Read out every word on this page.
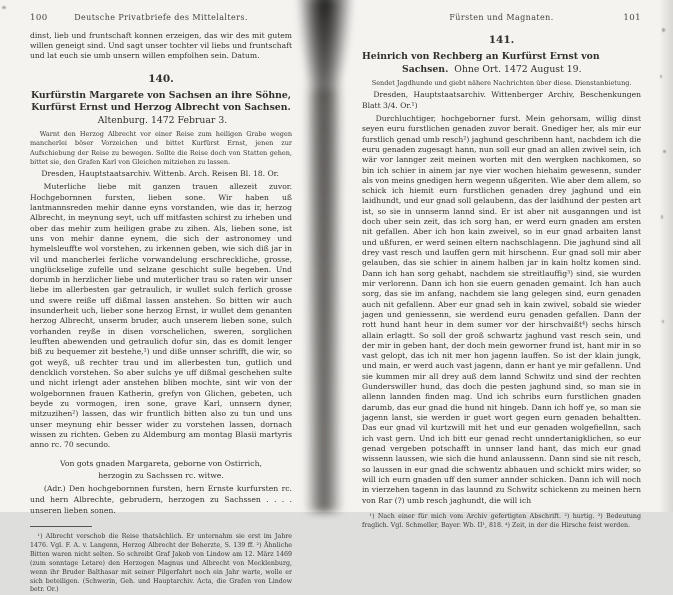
100	Deutsche Privatbriefe des Mittelalters.

dinst, lieb und fruntschaft konnen erzeigen, das wir des mit gutem willen geneigt sind. Und sagt unser tochter vil liebs und fruntschaft und lat euch sie umb unsern willen empfolhen sein. Datum.

140.
Kurfürstin Margarete von Sachsen an ihre Söhne, Kurfürst Ernst und Herzog Albrecht von Sachsen. Altenburg. 1472 Februar 3.

Warnt den Herzog Albrecht vor einer Reise zum heiligen Grabe wegen mancherlei böser Vorzeichen und bittet Kurfürst Ernst, jenen zur Aufschiebung der Reise zu bewegen. Sollte die Reise doch von Statten gehen, bittet sie, den Grafen Karl von Gleichen mitziehen zu lassen.

Dresden, Hauptstaatsarchiv. Wittenb. Arch. Reisen Bl. 18. Or.

Muterliche liebe mit ganzen trauen allezeit zuvor. Hochgebornnen fursten, lieben sone. Wir haben uß lantmannsreden mehir danne eyns vorstanden, wie das ir, herzog Albrecht, in meynung seyt, uch uff mitfasten schirst zu irheben und ober das mehir zum heiligen grabe zu zihen. Als, lieben sone, ist uns von mehir danne eynem, die sich der astronomey und hymelsleuffte wol vorstehen, zu irkennen geben, wie sich diß jar in vil und mancherlei ferliche vorwandelung erschreckliche, grosse, unglückselige zufelle und selzane geschicht sulle begeben. Und dorumb in herzlicher liebe und muterlicher trau so raten wir unser liebe im allerbesten gar getraulich, ir wullet sulch ferlich grosse und swere reiße uff dißmal lassen anstehen. So bitten wir auch insunderheit uch, lieber sone herzog Ernst, ir wullet dem genanten herzog Albrecht, unserm bruder, auch unserem lieben sone, sulch vorhanden reyße in disen vorschelichen, sweren, sorglichen leufften abewenden und getraulich dofur sin, das es domit lenger biß zu bequemer zit bestehe,¹) und diße unnser schrifft, die wir, so got weyß, uß rechter trau und im allerbesten tun, gutlich und dencklich vorstehen. So aber sulchs ye uff dißmal geschehen sulte und nicht irlengt ader anstehen bliben mochte, sint wir von der wolgebornnen frauen Katherin, grefyn von Glichen, gebeten, uch beyde zu vormogen, iren sone, grave Karl, unnsern dyner, mitzuzihen²) lassen, das wir fruntlich bitten also zu tun und uns unser meynung ehir besser wider zu vorstehen lassen, dornach wissen zu richten. Geben zu Aldemburg am montag Blasii martyris anno rc. 70 secundo.

Von gots gnaden Margareta, geborne von Ostirrich,
herzogin zu Sachssen rc. witwe.

(Adr.) Den hochgebornnen fursten, hern Ernste kurfursten rc. und hern Albrechte, gebrudern, herzogen zu Sachssen . . . . unseren lieben sonen.

¹) Albrecht verschob die Reise thatsächlich. Er unternahm sie erst im Jahre 1476. Vgl. F. A. v. Langenn, Herzog Albrecht der Beherzte, S. 139 ff. ²) Ähnliche Bitten waren nicht selten. So schreibt Graf Jakob von Lindow am 12. März 1469 (zum sonntage Letare) den Herzogen Magnus und Albrecht von Mecklenburg, wenn ihr Bruder Balthasar mit seiner Pilgerfahrt noch ein Jahr warte, wolle er sich beteiligen. (Schwerin, Geh. und Hauptarchiv. Acta, die Grafen von Lindow betr. Or.)

Fürsten und Magnaten.	101
141.
Heinrich von Rechberg an Kurfürst Ernst von Sachsen. Ohne Ort. 1472 August 19.

Sendet Jagdhunde und giebt nähere Nachrichten über diese. Dienstanbietung.

Dresden, Hauptstaatsarchiv. Wittenberger Archiv, Beschenkungen Blatt 3/4. Or.¹)

Durchluchtiger, hochgeborner furst. Mein gehorsam, willig dinst seyen euru furstlichen genaden zuvor berait. Gnediger her, als mir eur furstlich genad umb resch²) jaghund geschribenn hant, nachdem ich die euru genaden zugesagt hann, nun soll eur gnad an allen zwivel sein, ich wär vor lannger zeit meinen worten mit den wergken nachkomen, so bin ich schier in ainem jar nye vier wochen hiehaim gewesenn, sunder als von meins gnedigen hern wegenn ußgeriten. Wie aber dem allem, so schick ich hiemit eurn furstlichen genaden drey jaghund und ein laidhundt, und eur gnad soll gelaubenn, das der laidhund der pesten art ist, so sie in unnserm lannd sind. Er ist aber nit ausganngen und ist doch uber sein zeit, das ich sorg han, er werd eurn gnaden am ersten nit gefallen. Aber ich hon kain zweivel, so in eur gnad arbaiten lanst und ußfuren, er werd seinen eltern nachschlagenn. Die jaghund sind all drey vast resch und lauffen gern mit hirschenn. Eur gnad soll mir aber gelauben, das sie schier in ainem halben jar in kain holtz komen sind. Dann ich han sorg gehabt, nachdem sie streitlauffig³) sind, sie wurden mir verlorenn. Dann ich hon sie euern genaden gemaint. Ich han auch sorg, das sie im anfang, nachdem sie lang gelegen sind, eurn genaden auch nit gefallenn. Aber eur gnad seh in kain zwivel, sobald sie wieder jagen und geniessenn, sie werdend euru genaden gefallen. Dann der rott hund hant heur in dem sumer vor der hirschvaißt⁴) sechs hirsch allain erlagtt. So soll der groß schwartz jaghund vast resch sein, und der mir in geben hant, der doch mein geworner frund ist, hant mir in so vast gelopt, das ich nit mer hon jagenn lauffen. So ist der klain jungk, und main, er werd auch vast jagenn, dann er hant ye mir gefallenn. Und sie kummen mir all drey auß dem lannd Schwitz und sind der rechten Gunderswiller hund, das doch die pesten jaghund sind, so man sie in allenn lannden finden mag. Und ich schribs eurn furstlichen gnaden darumb, das eur gnad die hund nit hingeb. Dann ich hoff ye, so man sie jagenn lanst, sie werden ir guet wort gegen eurn genaden behaltten. Das eur gnad vil kurtzwill mit het und eur genaden wolgefiellnn, sach ich vast gern. Und ich bitt eur genad recht unndertanigklichen, so eur genad vergeben potschafft in unnser land hant, das mich eur gnad wissenn laussen, wie sich die hund anlaussenn. Dann sind sie nit resch, so laussen in eur gnad die schwentz abhauen und schickt mirs wider, so will ich eurn gnaden uff den sumer annder schicken. Dann ich will noch in vierzehen tagenn in das launnd zu Schwitz schickenn zu meinen hern von Rar (?) umb resch jaghundt, die will ich

¹) Nach einer für mich vom Archiv gefertigten Abschrift. ²) hurtig. ³) Bedeutung fraglich. Vgl. Schmeller, Bayer. Wb. II¹, 818. ⁴) Zeit, in der die Hirsche feist werden.
